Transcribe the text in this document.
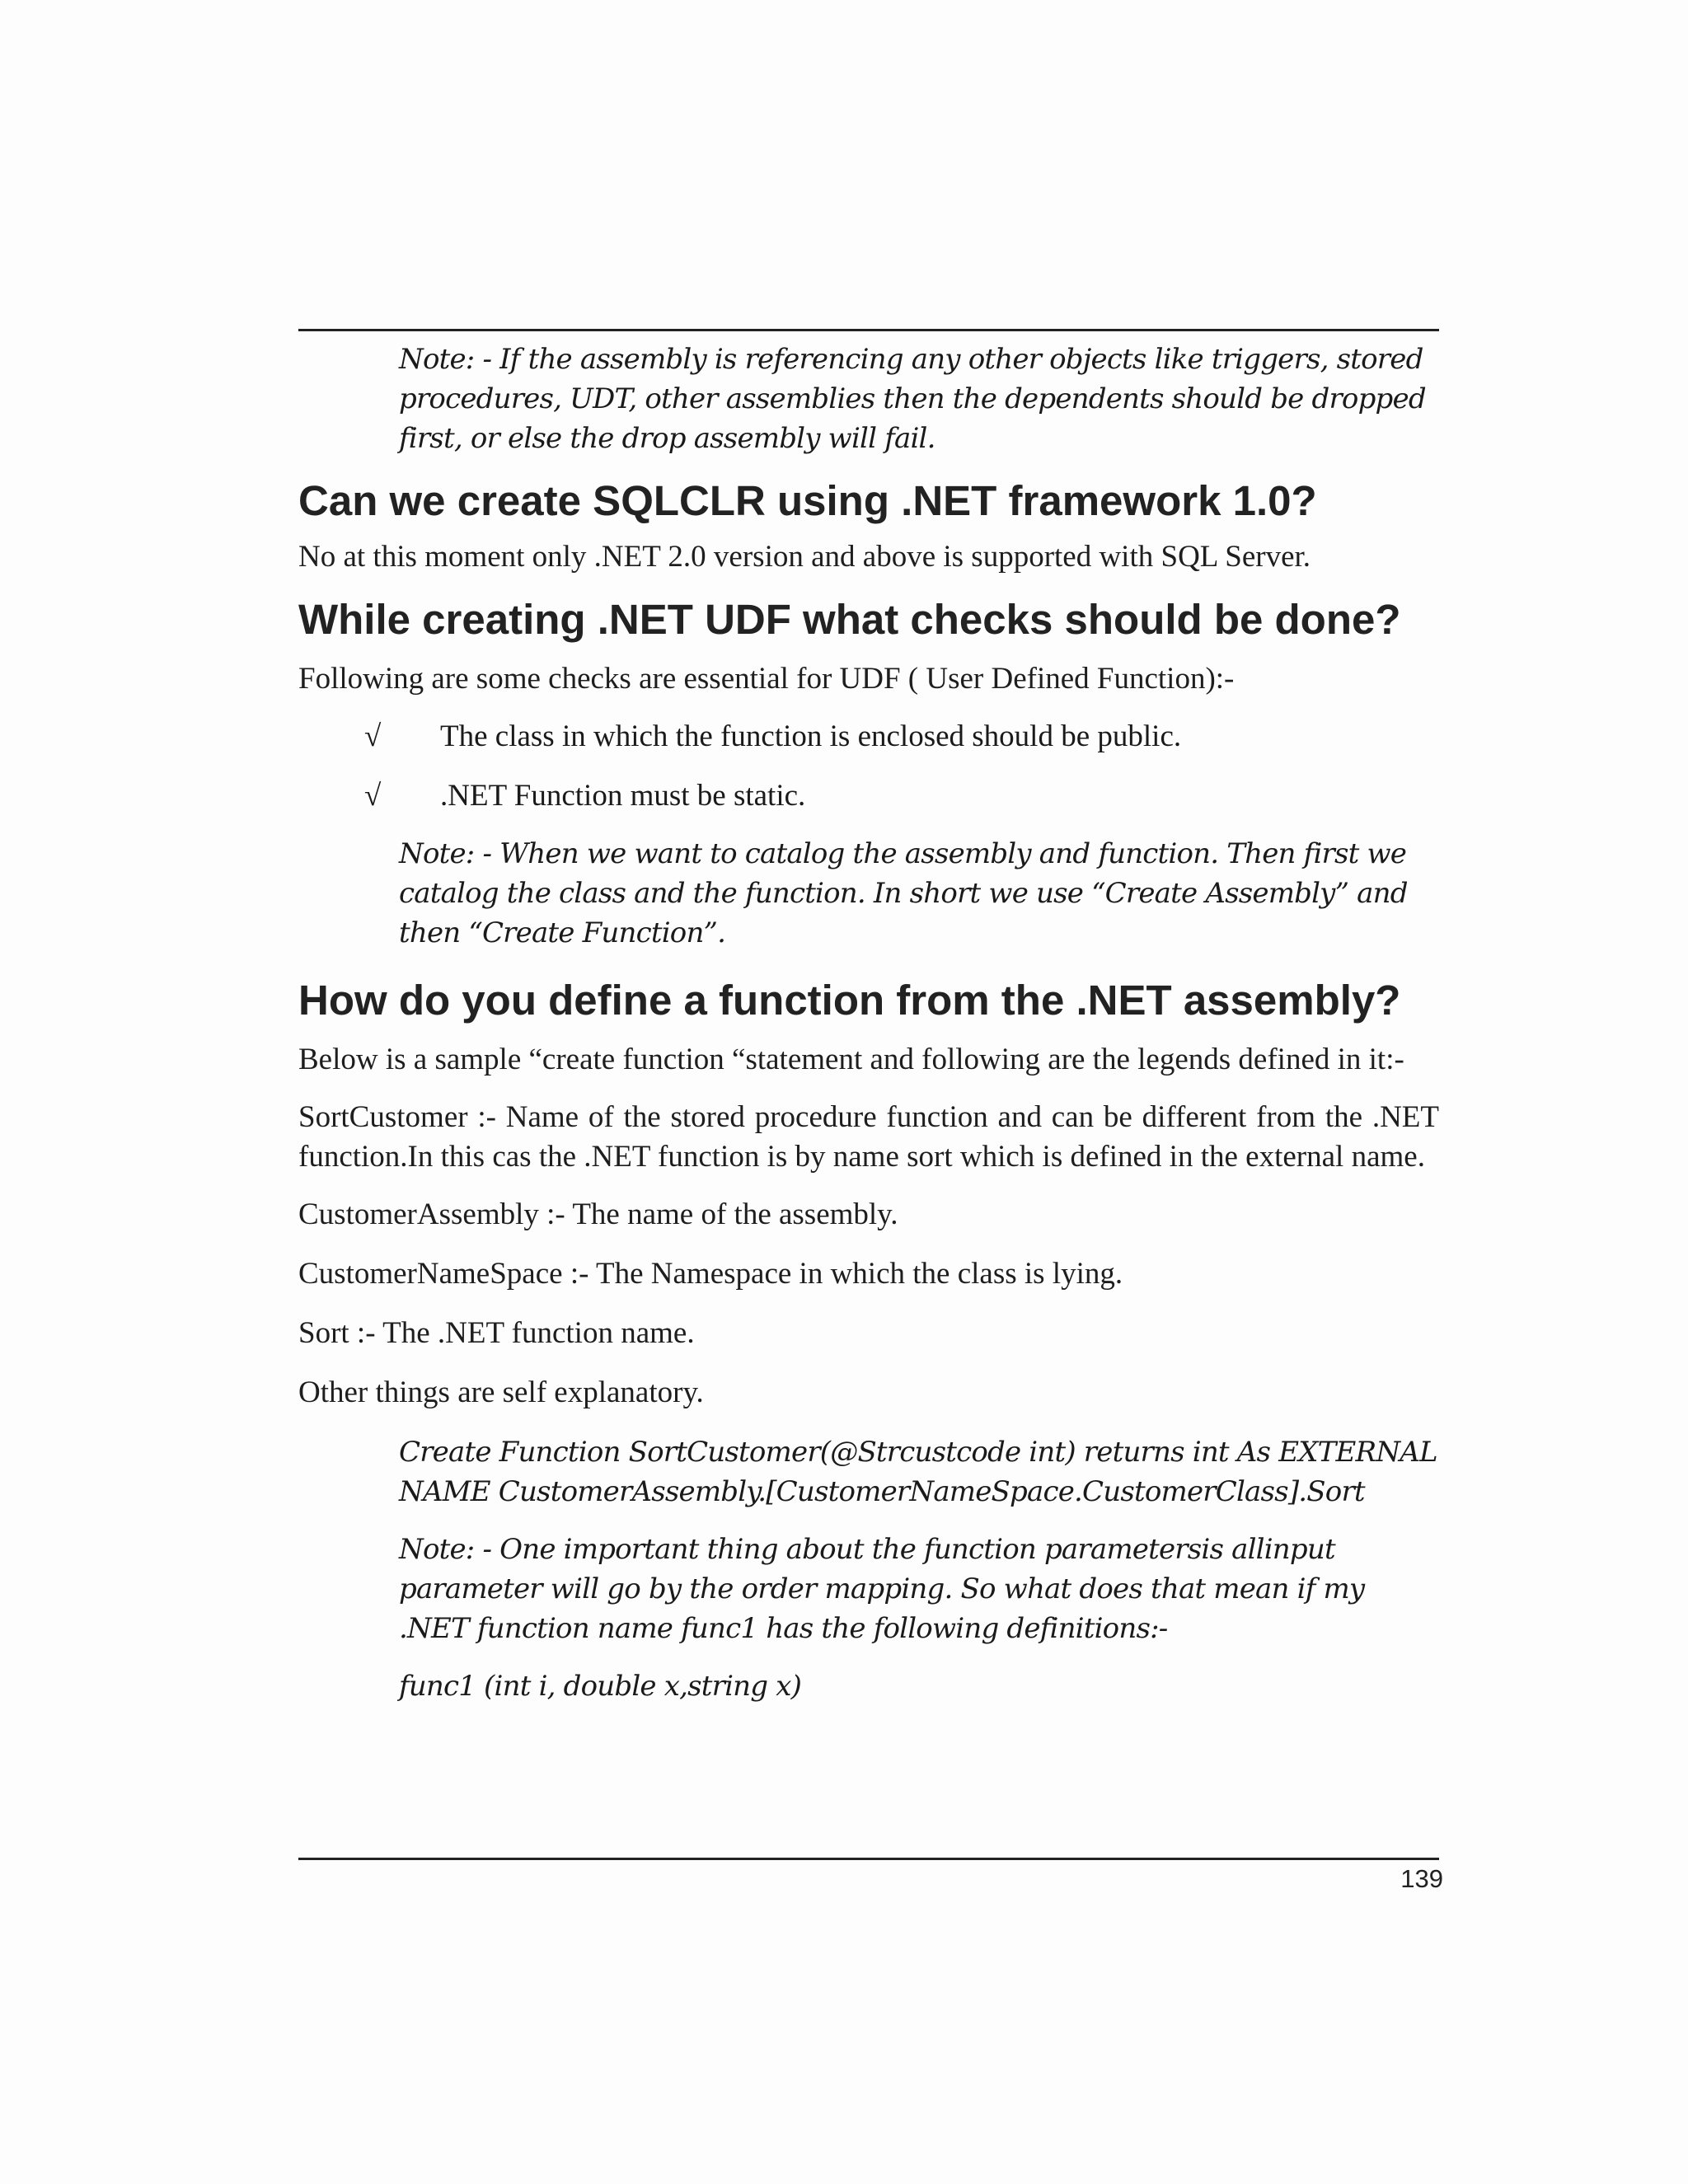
Note: - If the assembly is referencing any other objects like triggers, stored procedures, UDT, other assemblies then the dependents should be dropped first, or else the drop assembly will fail.

Can we create SQLCLR using .NET framework 1.0?

No at this moment only .NET 2.0 version and above is supported with SQL Server.

While creating .NET UDF what checks should be done?

Following are some checks are essential for UDF ( User Defined Function):-

√	The class in which the function is enclosed should be public.
√	.NET Function must be static.

Note: - When we want to catalog the assembly and function. Then first we catalog the class and the function. In short we use “Create Assembly” and then “Create Function”.

How do you define a function from the .NET assembly?

Below is a sample “create function “statement and following are the legends defined in it:-

SortCustomer :- Name of the stored procedure function and can be different from the .NET function.In this cas the .NET function is by name sort which is defined in the external name.

CustomerAssembly :- The name of the assembly.

CustomerNameSpace :- The Namespace in which the class is lying.

Sort :- The .NET function name.

Other things are self explanatory.

Create Function SortCustomer(@Strcustcode int) returns int As EXTERNAL NAME CustomerAssembly.[CustomerNameSpace.CustomerClass].Sort

Note: - One important thing about the function parametersis allinput parameter will go by the order mapping. So what does that mean if my .NET function name func1 has the following definitions:-

func1 (int i, double x,string x)

139
